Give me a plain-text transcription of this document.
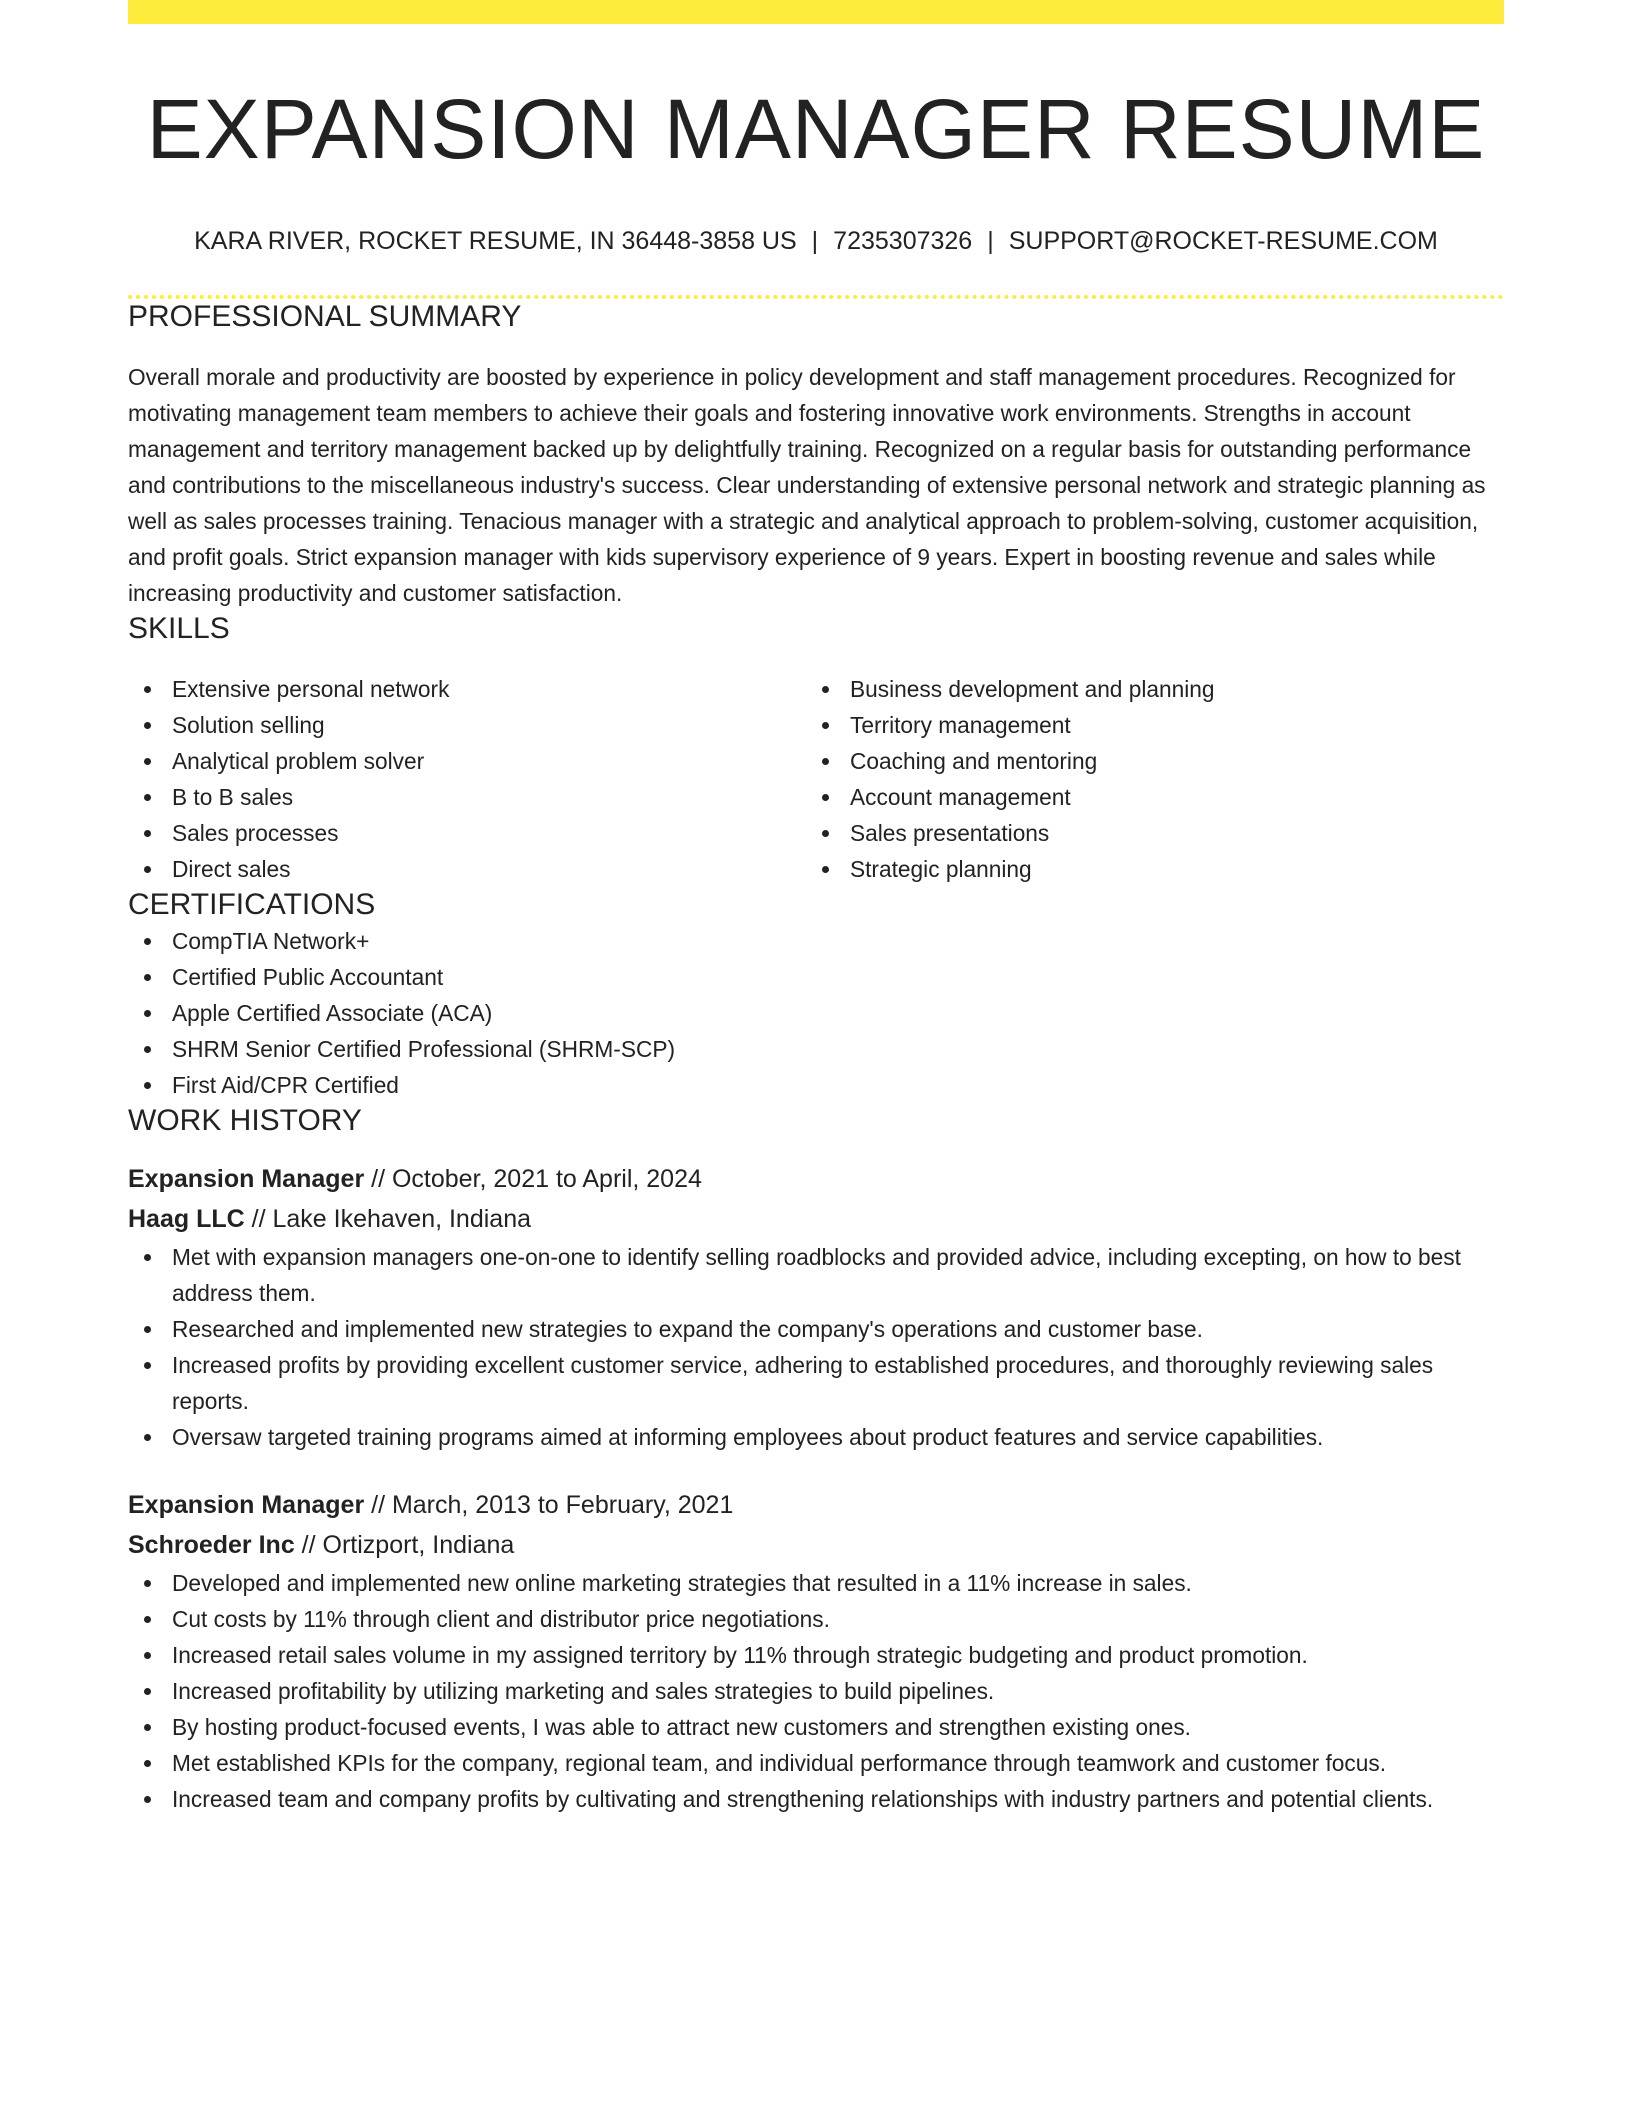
EXPANSION MANAGER RESUME
KARA RIVER, ROCKET RESUME, IN 36448-3858 US | 7235307326 | SUPPORT@ROCKET-RESUME.COM
PROFESSIONAL SUMMARY
Overall morale and productivity are boosted by experience in policy development and staff management procedures. Recognized for motivating management team members to achieve their goals and fostering innovative work environments. Strengths in account management and territory management backed up by delightfully training. Recognized on a regular basis for outstanding performance and contributions to the miscellaneous industry's success. Clear understanding of extensive personal network and strategic planning as well as sales processes training. Tenacious manager with a strategic and analytical approach to problem-solving, customer acquisition, and profit goals. Strict expansion manager with kids supervisory experience of 9 years. Expert in boosting revenue and sales while increasing productivity and customer satisfaction.
SKILLS
Extensive personal network
Solution selling
Analytical problem solver
B to B sales
Sales processes
Direct sales
Business development and planning
Territory management
Coaching and mentoring
Account management
Sales presentations
Strategic planning
CERTIFICATIONS
CompTIA Network+
Certified Public Accountant
Apple Certified Associate (ACA)
SHRM Senior Certified Professional (SHRM-SCP)
First Aid/CPR Certified
WORK HISTORY
Expansion Manager // October, 2021 to April, 2024
Haag LLC // Lake Ikehaven, Indiana
Met with expansion managers one-on-one to identify selling roadblocks and provided advice, including excepting, on how to best address them.
Researched and implemented new strategies to expand the company's operations and customer base.
Increased profits by providing excellent customer service, adhering to established procedures, and thoroughly reviewing sales reports.
Oversaw targeted training programs aimed at informing employees about product features and service capabilities.
Expansion Manager // March, 2013 to February, 2021
Schroeder Inc // Ortizport, Indiana
Developed and implemented new online marketing strategies that resulted in a 11% increase in sales.
Cut costs by 11% through client and distributor price negotiations.
Increased retail sales volume in my assigned territory by 11% through strategic budgeting and product promotion.
Increased profitability by utilizing marketing and sales strategies to build pipelines.
By hosting product-focused events, I was able to attract new customers and strengthen existing ones.
Met established KPIs for the company, regional team, and individual performance through teamwork and customer focus.
Increased team and company profits by cultivating and strengthening relationships with industry partners and potential clients.
